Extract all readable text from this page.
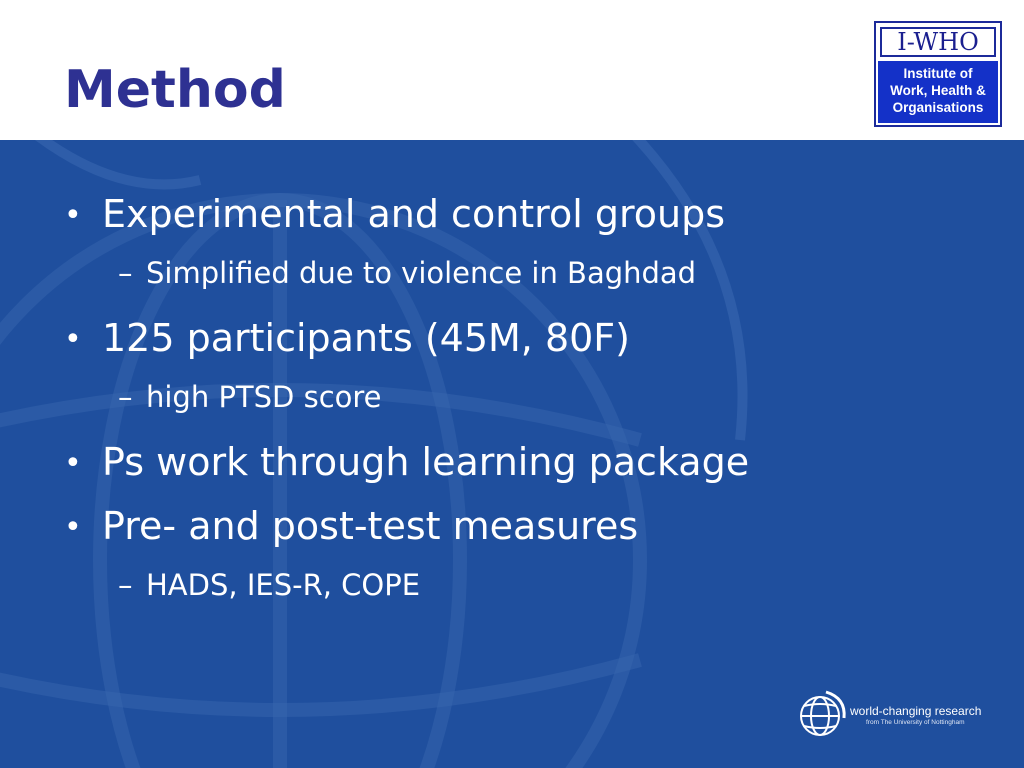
Method
I-WHO
Institute of
Work, Health &
Organisations
• Experimental and control groups
– Simplified due to violence in Baghdad
• 125 participants (45M, 80F)
– high PTSD score
• Ps work through learning package
• Pre- and post-test measures
– HADS, IES-R, COPE
world-changing research
from The University of Nottingham
